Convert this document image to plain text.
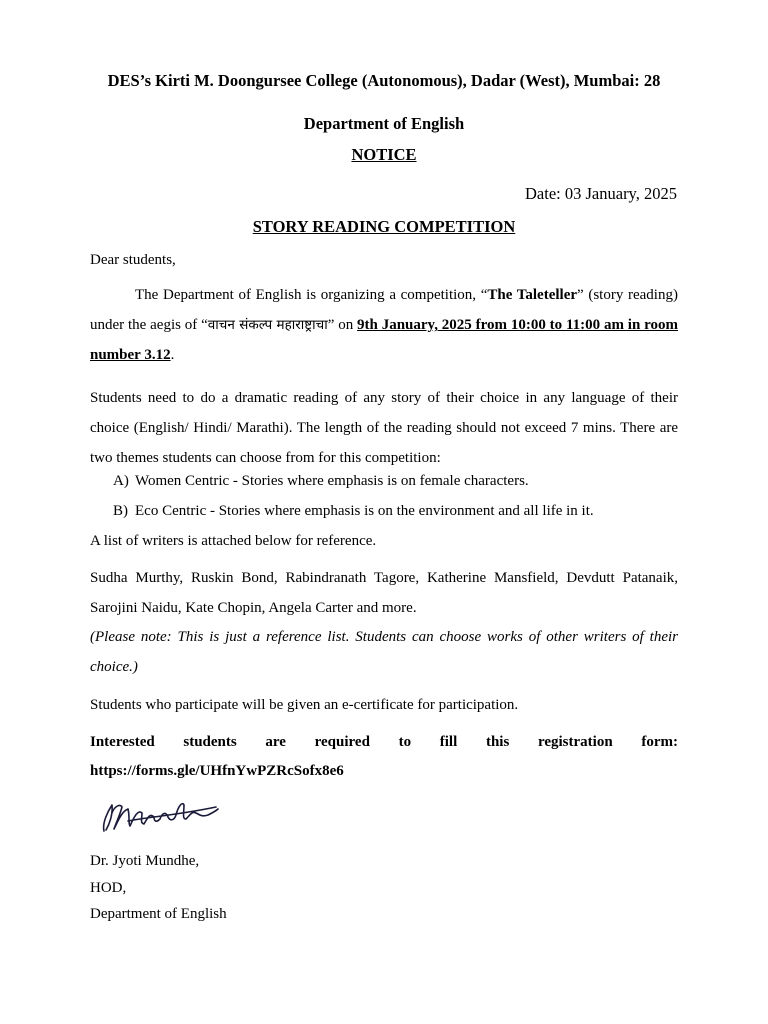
DES’s Kirti M. Doongursee College (Autonomous), Dadar (West), Mumbai: 28
Department of English
NOTICE
Date: 03 January, 2025
STORY READING COMPETITION
Dear students,
The Department of English is organizing a competition, “The Taleteller” (story reading) under the aegis of “वाचन संकल्प महाराष्ट्राचा” on 9th January, 2025 from 10:00 to 11:00 am in room number 3.12.
Students need to do a dramatic reading of any story of their choice in any language of their choice (English/ Hindi/ Marathi). The length of the reading should not exceed 7 mins. There are two themes students can choose from for this competition:
A) Women Centric - Stories where emphasis is on female characters.
B) Eco Centric - Stories where emphasis is on the environment and all life in it.
A list of writers is attached below for reference.
Sudha Murthy, Ruskin Bond, Rabindranath Tagore, Katherine Mansfield, Devdutt Patanaik, Sarojini Naidu, Kate Chopin, Angela Carter and more.
(Please note: This is just a reference list. Students can choose works of other writers of their choice.)
Students who participate will be given an e-certificate for participation.
Interested students are required to fill this registration form: https://forms.gle/UHfnYwPZRcSofx8e6
Dr. Jyoti Mundhe,
HOD,
Department of English
